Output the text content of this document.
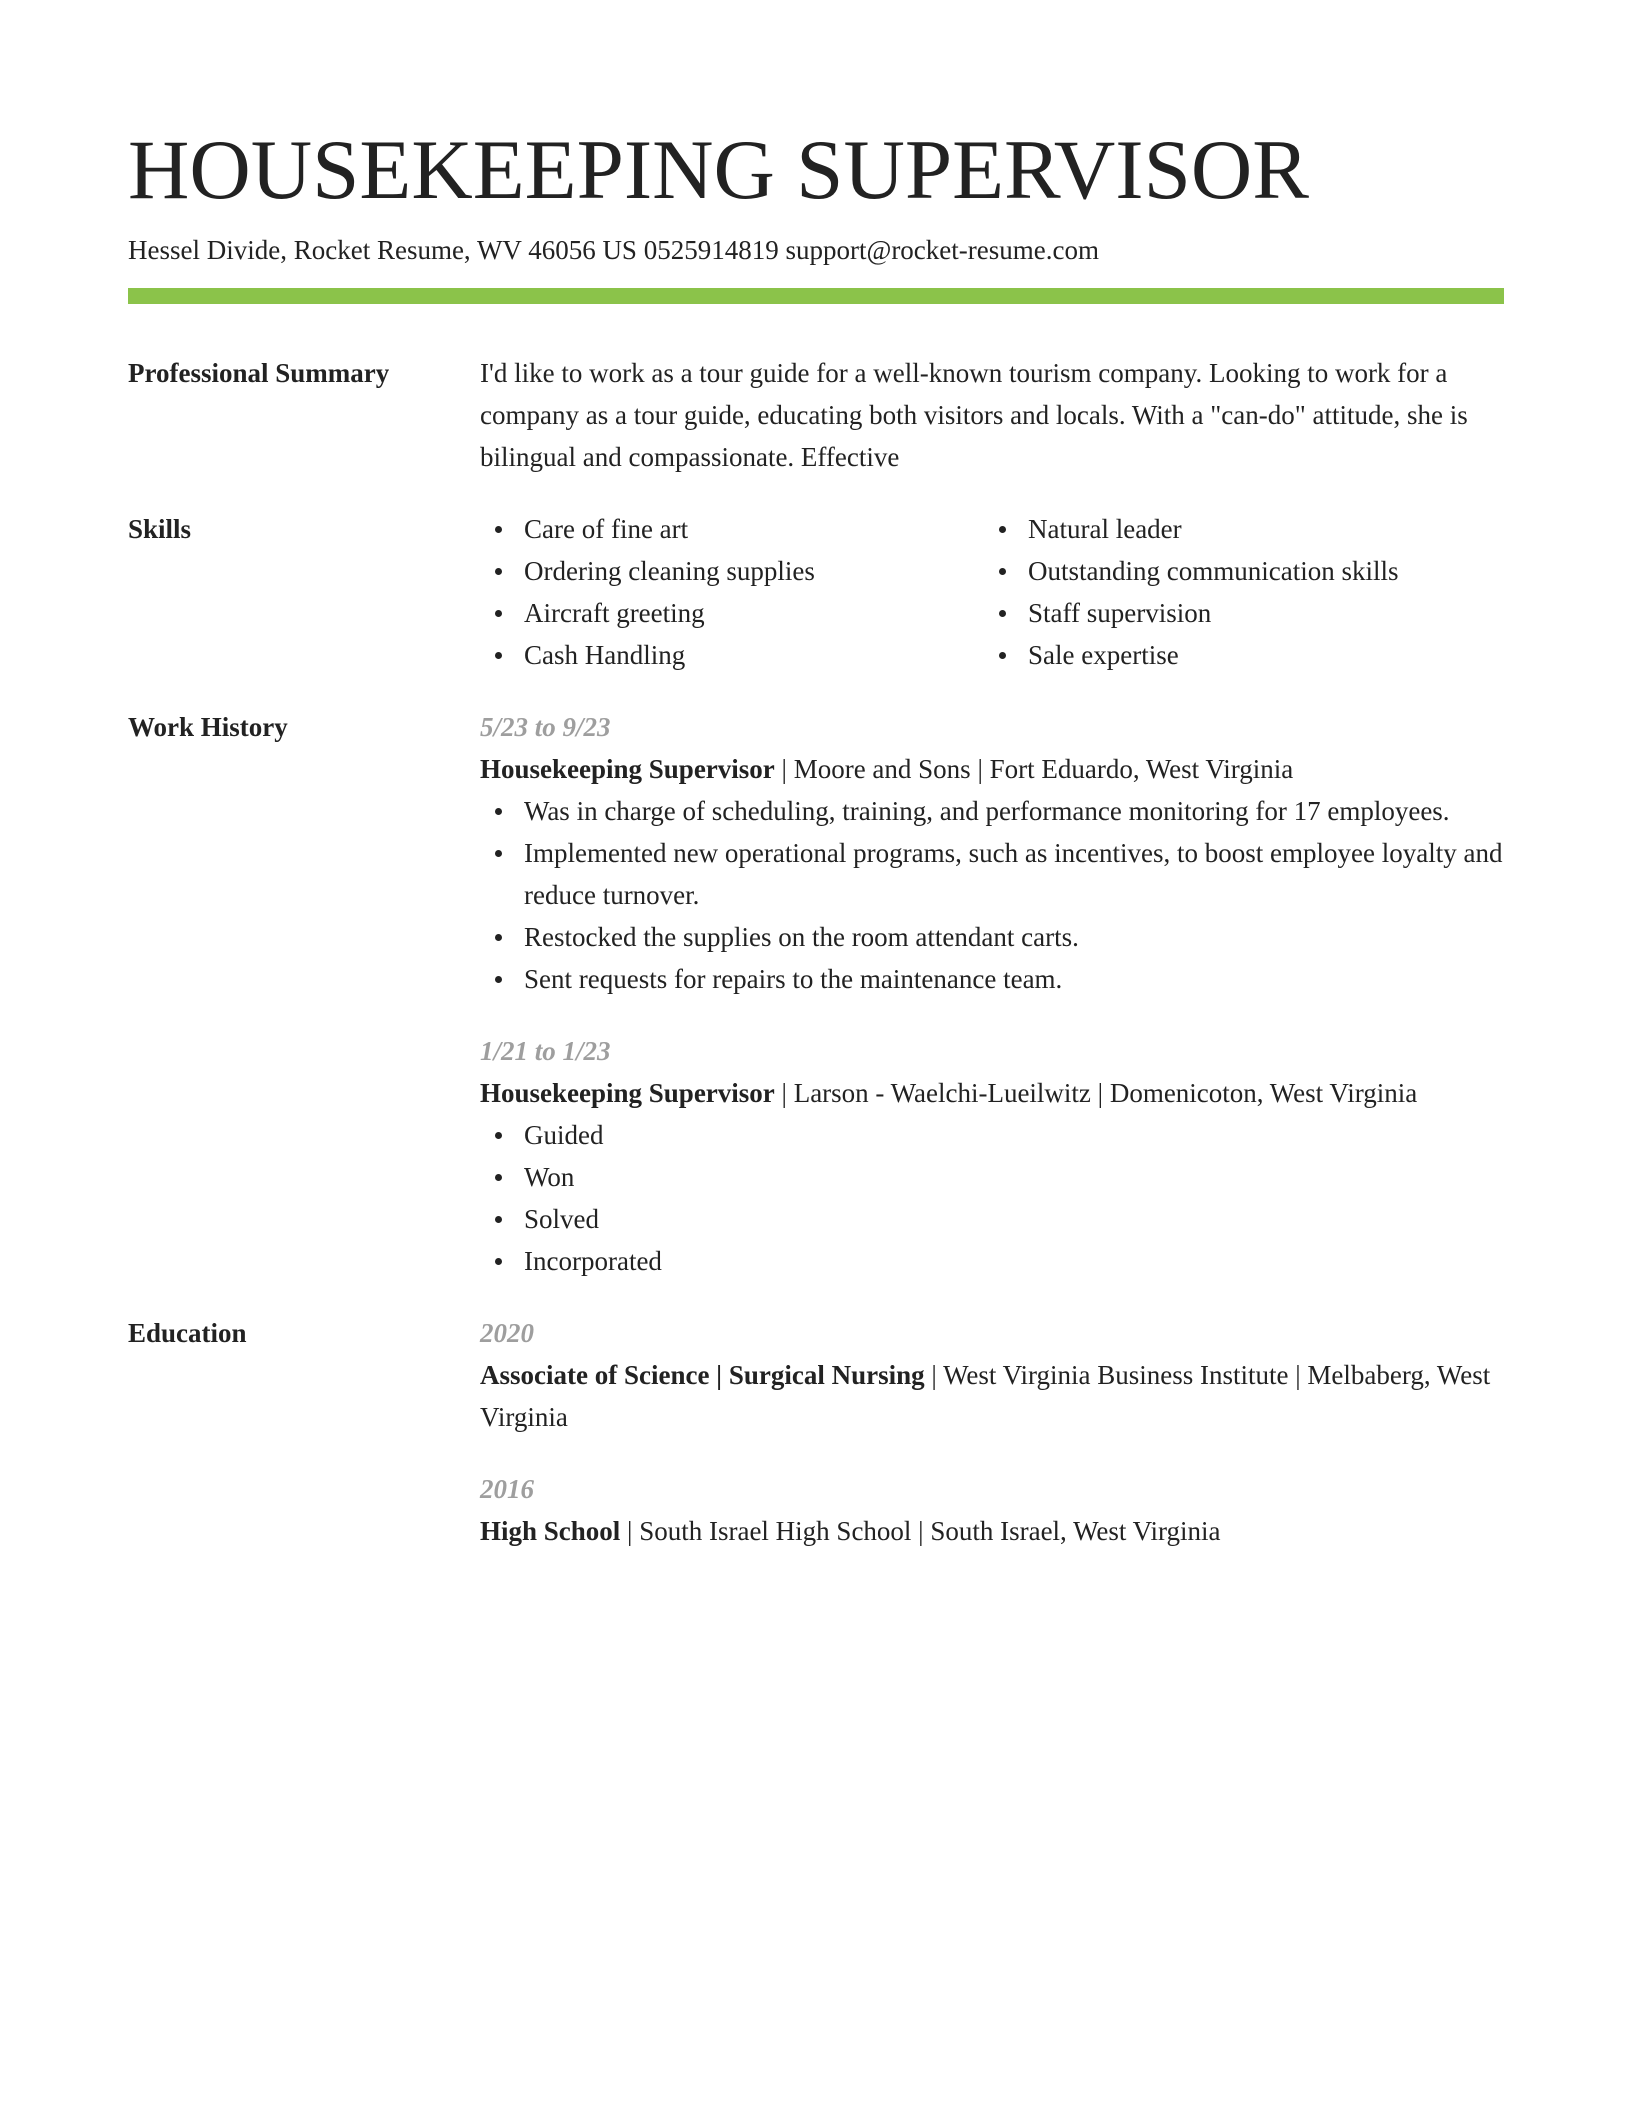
HOUSEKEEPING SUPERVISOR
Hessel Divide, Rocket Resume, WV 46056 US 0525914819 support@rocket-resume.com
Professional Summary	I'd like to work as a tour guide for a well-known tourism company. Looking to work for a company as a tour guide, educating both visitors and locals. With a "can-do" attitude, she is bilingual and compassionate. Effective
Skills	Care of fine art
Ordering cleaning supplies
Aircraft greeting
Cash Handling
Natural leader
Outstanding communication skills
Staff supervision
Sale expertise
Work History	5/23 to 9/23
Housekeeping Supervisor | Moore and Sons | Fort Eduardo, West Virginia
Was in charge of scheduling, training, and performance monitoring for 17 employees.
Implemented new operational programs, such as incentives, to boost employee loyalty and reduce turnover.
Restocked the supplies on the room attendant carts.
Sent requests for repairs to the maintenance team.
1/21 to 1/23
Housekeeping Supervisor | Larson - Waelchi-Lueilwitz | Domenicoton, West Virginia
Guided
Won
Solved
Incorporated
Education	2020
Associate of Science | Surgical Nursing | West Virginia Business Institute | Melbaberg, West Virginia
2016
High School | South Israel High School | South Israel, West Virginia
